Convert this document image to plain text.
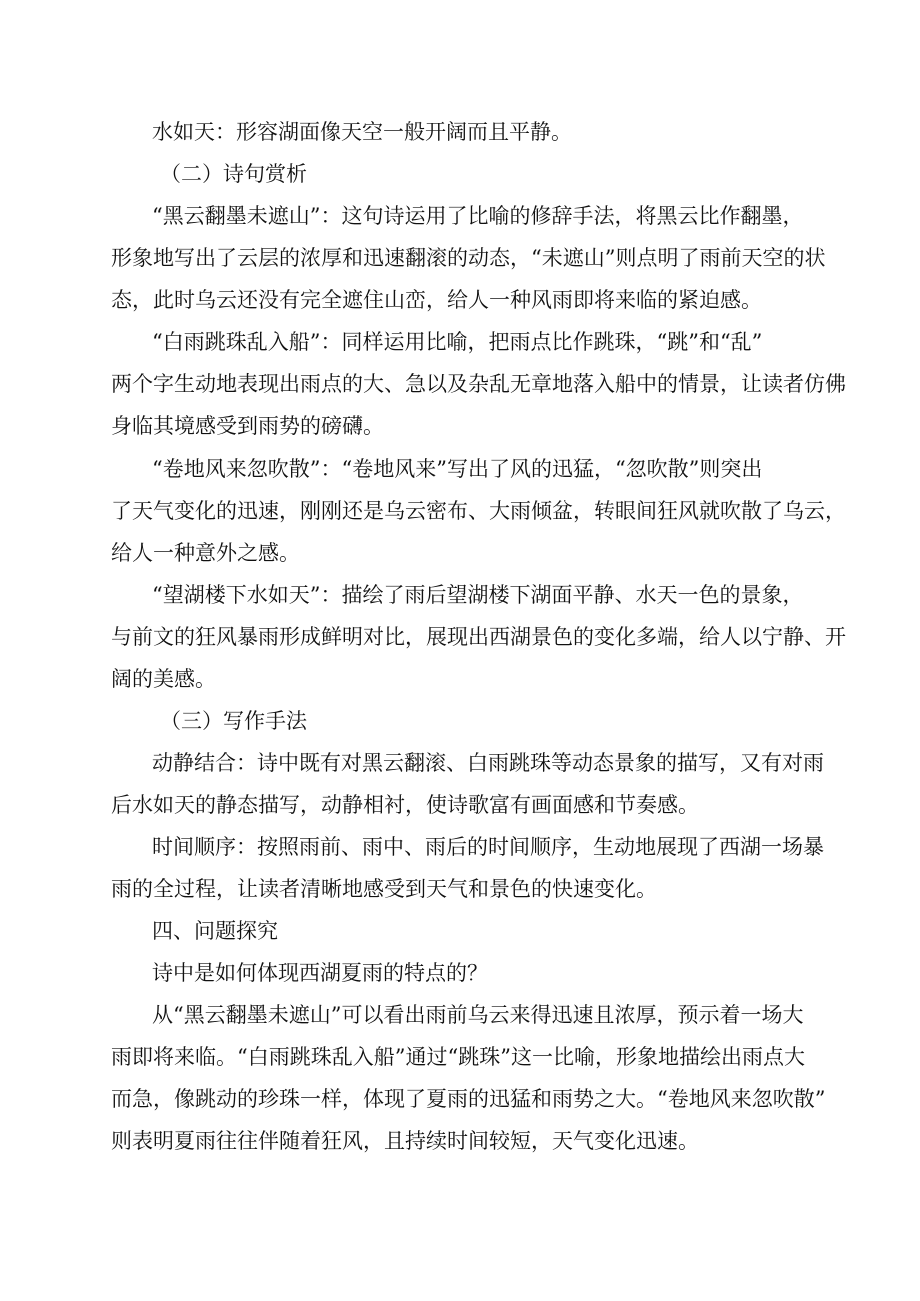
水如天：形容湖面像天空一般开阔而且平静。
（二）诗句赏析
“黑云翻墨未遮山”：这句诗运用了比喻的修辞手法，将黑云比作翻墨，
形象地写出了云层的浓厚和迅速翻滚的动态，“未遮山”则点明了雨前天空的状
态，此时乌云还没有完全遮住山峦，给人一种风雨即将来临的紧迫感。
“白雨跳珠乱入船”：同样运用比喻，把雨点比作跳珠，“跳”和“乱”
两个字生动地表现出雨点的大、急以及杂乱无章地落入船中的情景，让读者仿佛
身临其境感受到雨势的磅礴。
“卷地风来忽吹散”：“卷地风来”写出了风的迅猛，“忽吹散”则突出
了天气变化的迅速，刚刚还是乌云密布、大雨倾盆，转眼间狂风就吹散了乌云，
给人一种意外之感。
“望湖楼下水如天”：描绘了雨后望湖楼下湖面平静、水天一色的景象，
与前文的狂风暴雨形成鲜明对比，展现出西湖景色的变化多端，给人以宁静、开
阔的美感。
（三）写作手法
动静结合：诗中既有对黑云翻滚、白雨跳珠等动态景象的描写，又有对雨
后水如天的静态描写，动静相衬，使诗歌富有画面感和节奏感。
时间顺序：按照雨前、雨中、雨后的时间顺序，生动地展现了西湖一场暴
雨的全过程，让读者清晰地感受到天气和景色的快速变化。
四、问题探究
诗中是如何体现西湖夏雨的特点的？
从“黑云翻墨未遮山”可以看出雨前乌云来得迅速且浓厚，预示着一场大
雨即将来临。“白雨跳珠乱入船”通过“跳珠”这一比喻，形象地描绘出雨点大
而急，像跳动的珍珠一样，体现了夏雨的迅猛和雨势之大。“卷地风来忽吹散”
则表明夏雨往往伴随着狂风，且持续时间较短，天气变化迅速。
